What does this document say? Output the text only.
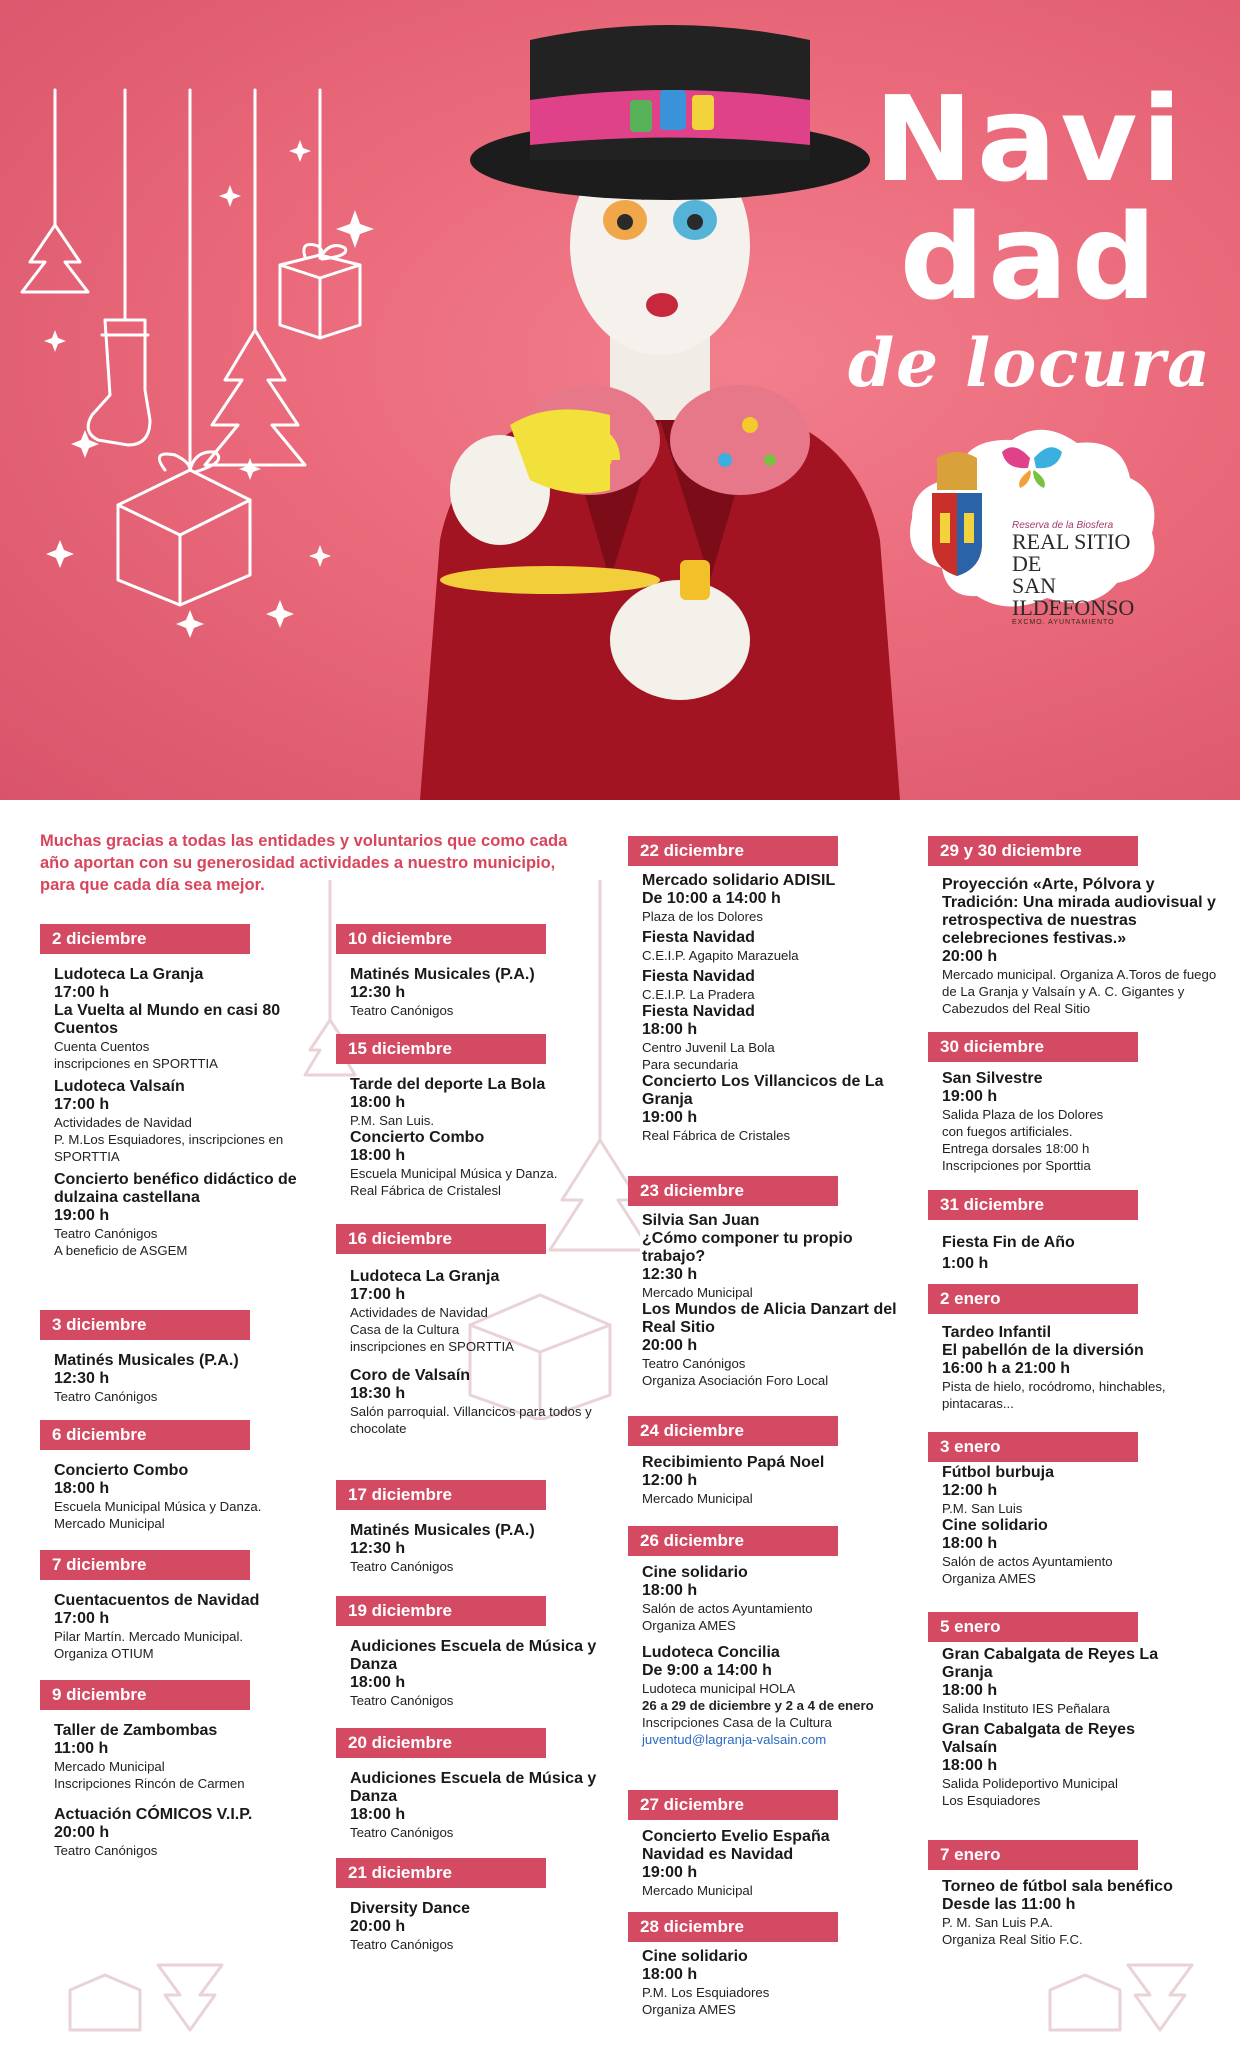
Navi
dad
de locura
Reserva de la Biosfera
REAL SITIO DE
SAN ILDEFONSO
EXCMO. AYUNTAMIENTO
Muchas gracias a todas las entidades y voluntarios que como cada año aportan con su generosidad actividades a nuestro municipio, para que cada día sea mejor.
2 diciembre

Ludoteca La Granja

17:00 h

La Vuelta al Mundo en casi 80 Cuentos

Cuenta Cuentos

inscripciones en SPORTTIA

Ludoteca Valsaín

17:00 h

Actividades de Navidad

P. M.Los Esquiadores, inscripciones en SPORTTIA

Concierto benéfico didáctico de dulzaina castellana

19:00 h

Teatro Canónigos

A beneficio de ASGEM

3 diciembre

Matinés Musicales (P.A.)

12:30 h

Teatro Canónigos

6 diciembre

Concierto Combo

18:00 h

Escuela Municipal Música y Danza.

Mercado Municipal

7 diciembre

Cuentacuentos de Navidad

17:00 h

Pilar Martín. Mercado Municipal.

Organiza OTIUM

9 diciembre

Taller de Zambombas

11:00 h

Mercado Municipal

Inscripciones Rincón de Carmen

Actuación CÓMICOS V.I.P.

20:00 h

Teatro Canónigos

10 diciembre

Matinés Musicales (P.A.)

12:30 h

Teatro Canónigos

15 diciembre

Tarde del deporte La Bola

18:00 h

P.M. San Luis.

Concierto Combo

18:00 h

Escuela Municipal Música y Danza.

Real Fábrica de Cristalesl

16 diciembre

Ludoteca La Granja

17:00 h

Actividades de Navidad

Casa de la Cultura

inscripciones en SPORTTIA

Coro de Valsaín

18:30 h

Salón parroquial. Villancicos para todos y chocolate

17 diciembre

Matinés Musicales (P.A.)

12:30 h

Teatro Canónigos

19 diciembre

Audiciones Escuela de Música y Danza

18:00 h

Teatro Canónigos

20 diciembre

Audiciones Escuela de Música y Danza

18:00 h

Teatro Canónigos

21 diciembre

Diversity Dance

20:00 h

Teatro Canónigos

22 diciembre

Mercado solidario ADISIL

De 10:00 a 14:00 h

Plaza de los Dolores

Fiesta Navidad

C.E.I.P. Agapito Marazuela

Fiesta Navidad

C.E.I.P. La Pradera

Fiesta Navidad

18:00 h

Centro Juvenil La Bola

Para secundaria

Concierto Los Villancicos de La Granja

19:00 h

Real Fábrica de Cristales

23 diciembre

Silvia San Juan

¿Cómo componer tu propio trabajo?

12:30 h

Mercado Municipal

Los Mundos de Alicia Danzart del Real Sitio

20:00 h

Teatro Canónigos

Organiza Asociación Foro Local

24 diciembre

Recibimiento Papá Noel

12:00 h

Mercado Municipal

26 diciembre

Cine solidario

18:00 h

Salón de actos Ayuntamiento

Organiza AMES

Ludoteca Concilia

De 9:00 a 14:00 h

Ludoteca municipal HOLA

26 a 29 de diciembre y 2 a 4 de enero

Inscripciones Casa de la Cultura

juventud@lagranja-valsain.com

27 diciembre

Concierto Evelio España Navidad es Navidad

19:00 h

Mercado Municipal

28 diciembre

Cine solidario

18:00 h

P.M. Los Esquiadores

Organiza AMES

29 y 30 diciembre

Proyección «Arte, Pólvora y Tradición: Una mirada audiovisual y retrospectiva de nuestras celebreciones festivas.»

20:00 h

Mercado municipal. Organiza A.Toros de fuego de La Granja y Valsaín y A. C. Gigantes y Cabezudos del Real Sitio

30 diciembre

San Silvestre

19:00 h

Salida Plaza de los Dolores

con fuegos artificiales.

Entrega dorsales 18:00 h

Inscripciones por Sporttia

31 diciembre

Fiesta Fin de Año

1:00 h

2 enero

Tardeo Infantil

El pabellón de la diversión

16:00 h a 21:00 h

Pista de hielo, rocódromo, hinchables, pintacaras...

3 enero

Fútbol burbuja

12:00 h

P.M. San Luis

Cine solidario

18:00 h

Salón de actos Ayuntamiento

Organiza AMES

5 enero

Gran Cabalgata de Reyes La Granja

18:00 h

Salida Instituto IES Peñalara

Gran Cabalgata de Reyes Valsaín

18:00 h

Salida Polideportivo Municipal

Los Esquiadores

7 enero

Torneo de fútbol sala benéfico

Desde las 11:00 h

P. M. San Luis P.A.

Organiza Real Sitio F.C.
